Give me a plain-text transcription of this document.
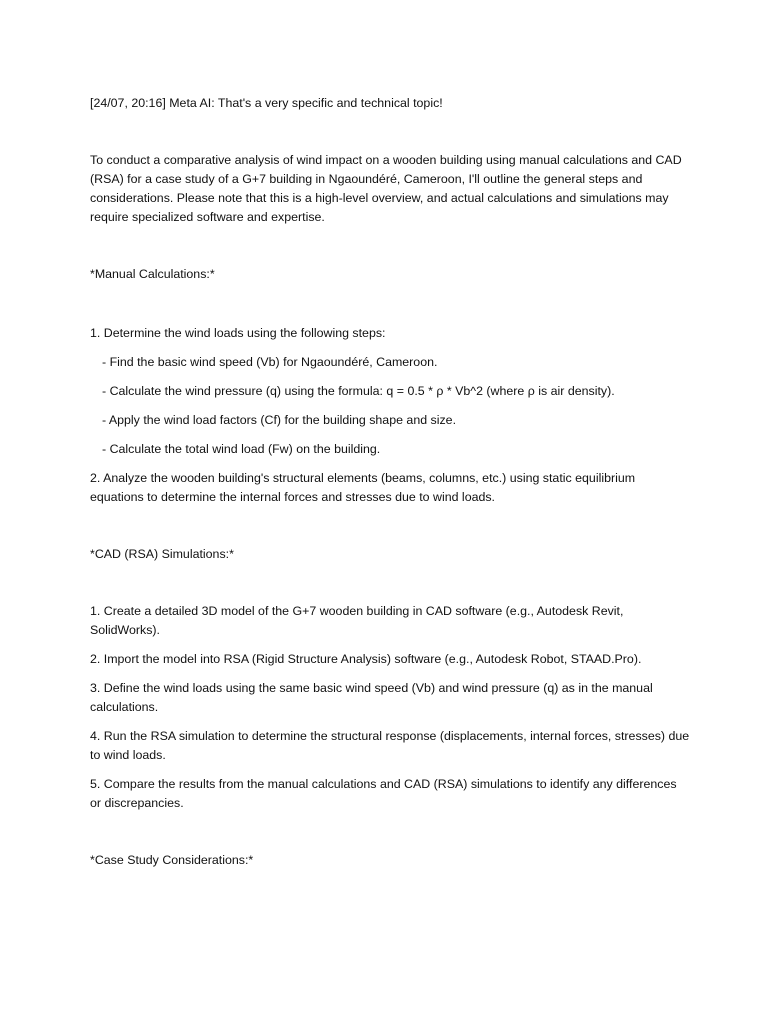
[24/07, 20:16] Meta AI: That's a very specific and technical topic!

To conduct a comparative analysis of wind impact on a wooden building using manual calculations and CAD (RSA) for a case study of a G+7 building in Ngaoundéré, Cameroon, I'll outline the general steps and considerations. Please note that this is a high-level overview, and actual calculations and simulations may require specialized software and expertise.

*Manual Calculations:*

1. Determine the wind loads using the following steps:

- Find the basic wind speed (Vb) for Ngaoundéré, Cameroon.

- Calculate the wind pressure (q) using the formula: q = 0.5 * ρ * Vb^2 (where ρ is air density).

- Apply the wind load factors (Cf) for the building shape and size.

- Calculate the total wind load (Fw) on the building.

2. Analyze the wooden building's structural elements (beams, columns, etc.) using static equilibrium equations to determine the internal forces and stresses due to wind loads.

*CAD (RSA) Simulations:*

1. Create a detailed 3D model of the G+7 wooden building in CAD software (e.g., Autodesk Revit, SolidWorks).

2. Import the model into RSA (Rigid Structure Analysis) software (e.g., Autodesk Robot, STAAD.Pro).

3. Define the wind loads using the same basic wind speed (Vb) and wind pressure (q) as in the manual calculations.

4. Run the RSA simulation to determine the structural response (displacements, internal forces, stresses) due to wind loads.

5. Compare the results from the manual calculations and CAD (RSA) simulations to identify any differences or discrepancies.

*Case Study Considerations:*
